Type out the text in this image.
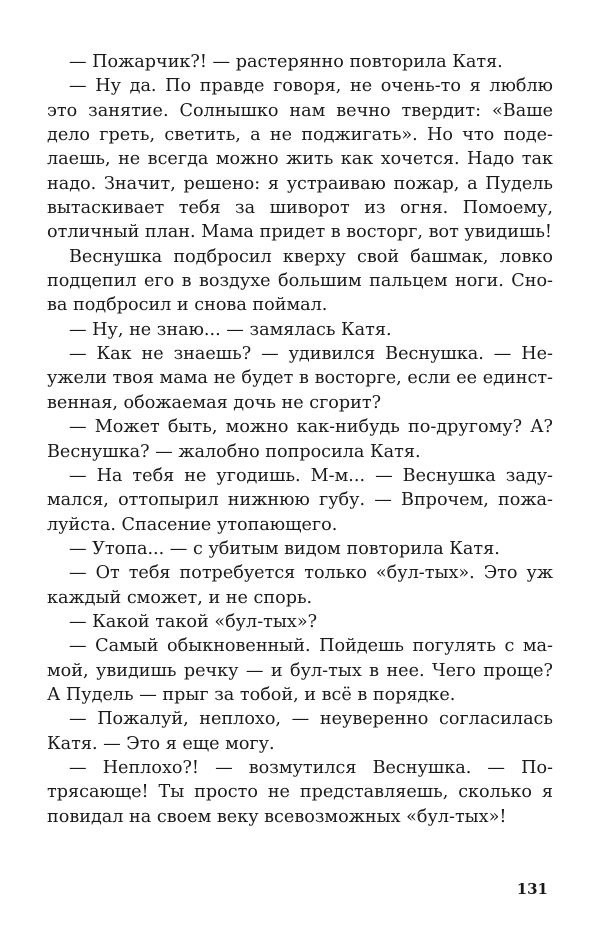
— Пожарчик?! — растерянно повторила Катя.

— Ну да. По правде говоря, не очень-то я люблю это занятие. Солнышко нам вечно твердит: «Ваше дело греть, светить, а не поджигать». Но что поделаешь, не всегда можно жить как хочется. Надо так надо. Значит, решено: я устраиваю пожар, а Пудель вытаскивает тебя за шиворот из огня. Помоему, отличный план. Мама придет в восторг, вот увидишь!

Веснушка подбросил кверху свой башмак, ловко подцепил его в воздухе большим пальцем ноги. Снова подбросил и снова поймал.

— Ну, не знаю... — замялась Катя.

— Как не знаешь? — удивился Веснушка. — Неужели твоя мама не будет в восторге, если ее единственная, обожаемая дочь не сгорит?

— Может быть, можно как-нибудь по-другому? А? Веснушка? — жалобно попросила Катя.

— На тебя не угодишь. М-м... — Веснушка задумался, оттопырил нижнюю губу. — Впрочем, пожалуйста. Спасение утопающего.

— Утопа... — с убитым видом повторила Катя.

— От тебя потребуется только «бул-тых». Это уж каждый сможет, и не спорь.

— Какой такой «бул-тых»?

— Самый обыкновенный. Пойдешь погулять с мамой, увидишь речку — и бул-тых в нее. Чего проще? А Пудель — прыг за тобой, и всё в порядке.

— Пожалуй, неплохо, — неуверенно согласилась Катя. — Это я еще могу.

— Неплохо?! — возмутился Веснушка. — Потрясающе! Ты просто не представляешь, сколько я повидал на своем веку всевозможных «бул-тых»!

131
